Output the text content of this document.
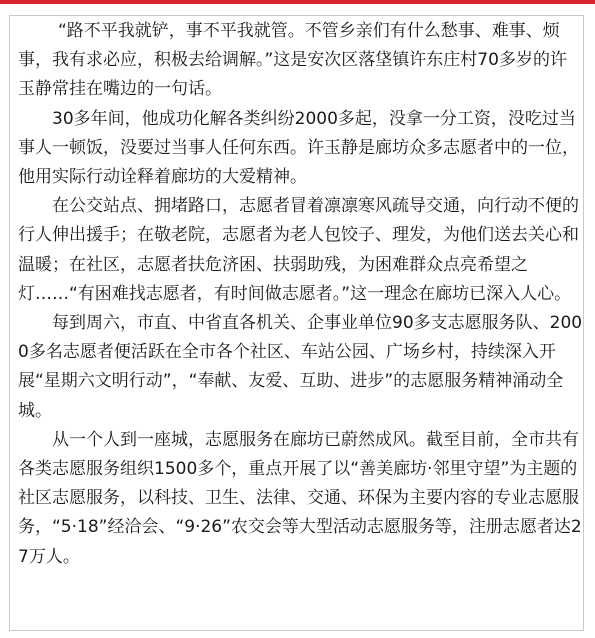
“路不平我就铲，事不平我就管。不管乡亲们有什么愁事、难事、烦事，我有求必应，积极去给调解。”这是安次区落垡镇许东庄村70多岁的许玉静常挂在嘴边的一句话。

30多年间，他成功化解各类纠纷2000多起，没拿一分工资，没吃过当事人一顿饭，没要过当事人任何东西。许玉静是廊坊众多志愿者中的一位，他用实际行动诠释着廊坊的大爱精神。

在公交站点、拥堵路口，志愿者冒着凛凛寒风疏导交通，向行动不便的行人伸出援手；在敬老院，志愿者为老人包饺子、理发，为他们送去关心和温暖；在社区，志愿者扶危济困、扶弱助残，为困难群众点亮希望之灯……“有困难找志愿者，有时间做志愿者。”这一理念在廊坊已深入人心。

每到周六，市直、中省直各机关、企事业单位90多支志愿服务队、2000多名志愿者便活跃在全市各个社区、车站公园、广场乡村，持续深入开展“星期六文明行动”，“奉献、友爱、互助、进步”的志愿服务精神涌动全城。

从一个人到一座城，志愿服务在廊坊已蔚然成风。截至目前，全市共有各类志愿服务组织1500多个，重点开展了以“善美廊坊·邻里守望”为主题的社区志愿服务，以科技、卫生、法律、交通、环保为主要内容的专业志愿服务，“5·18”经洽会、“9·26”农交会等大型活动志愿服务等，注册志愿者达27万人。
